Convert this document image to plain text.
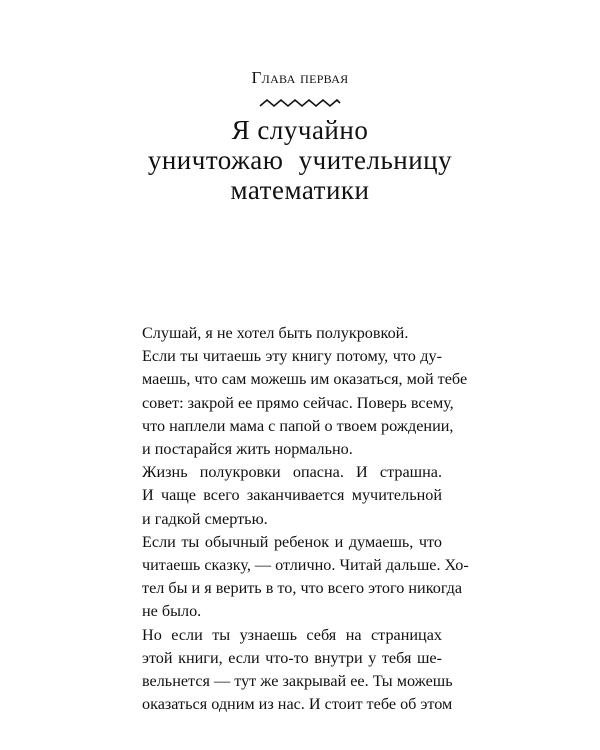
Глава первая
Я случайно
уничтожаю учительницу
математики

Слушай, я не хотел быть полукровкой.

Если ты читаешь эту книгу потому, что ду-
маешь, что сам можешь им оказаться, мой тебе
совет: закрой ее прямо сейчас. Поверь всему,
что наплели мама с папой о твоем рождении,
и постарайся жить нормально.

Жизнь полукровки опасна. И страшна.
И чаще всего заканчивается мучительной
и гадкой смертью.

Если ты обычный ребенок и думаешь, что
читаешь сказку, — отлично. Читай дальше. Хо-
тел бы и я верить в то, что всего этого никогда
не было.

Но если ты узнаешь себя на страницах
этой книги, если что-то внутри у тебя ше-
вельнется — тут же закрывай ее. Ты можешь
оказаться одним из нас. И стоит тебе об этом
